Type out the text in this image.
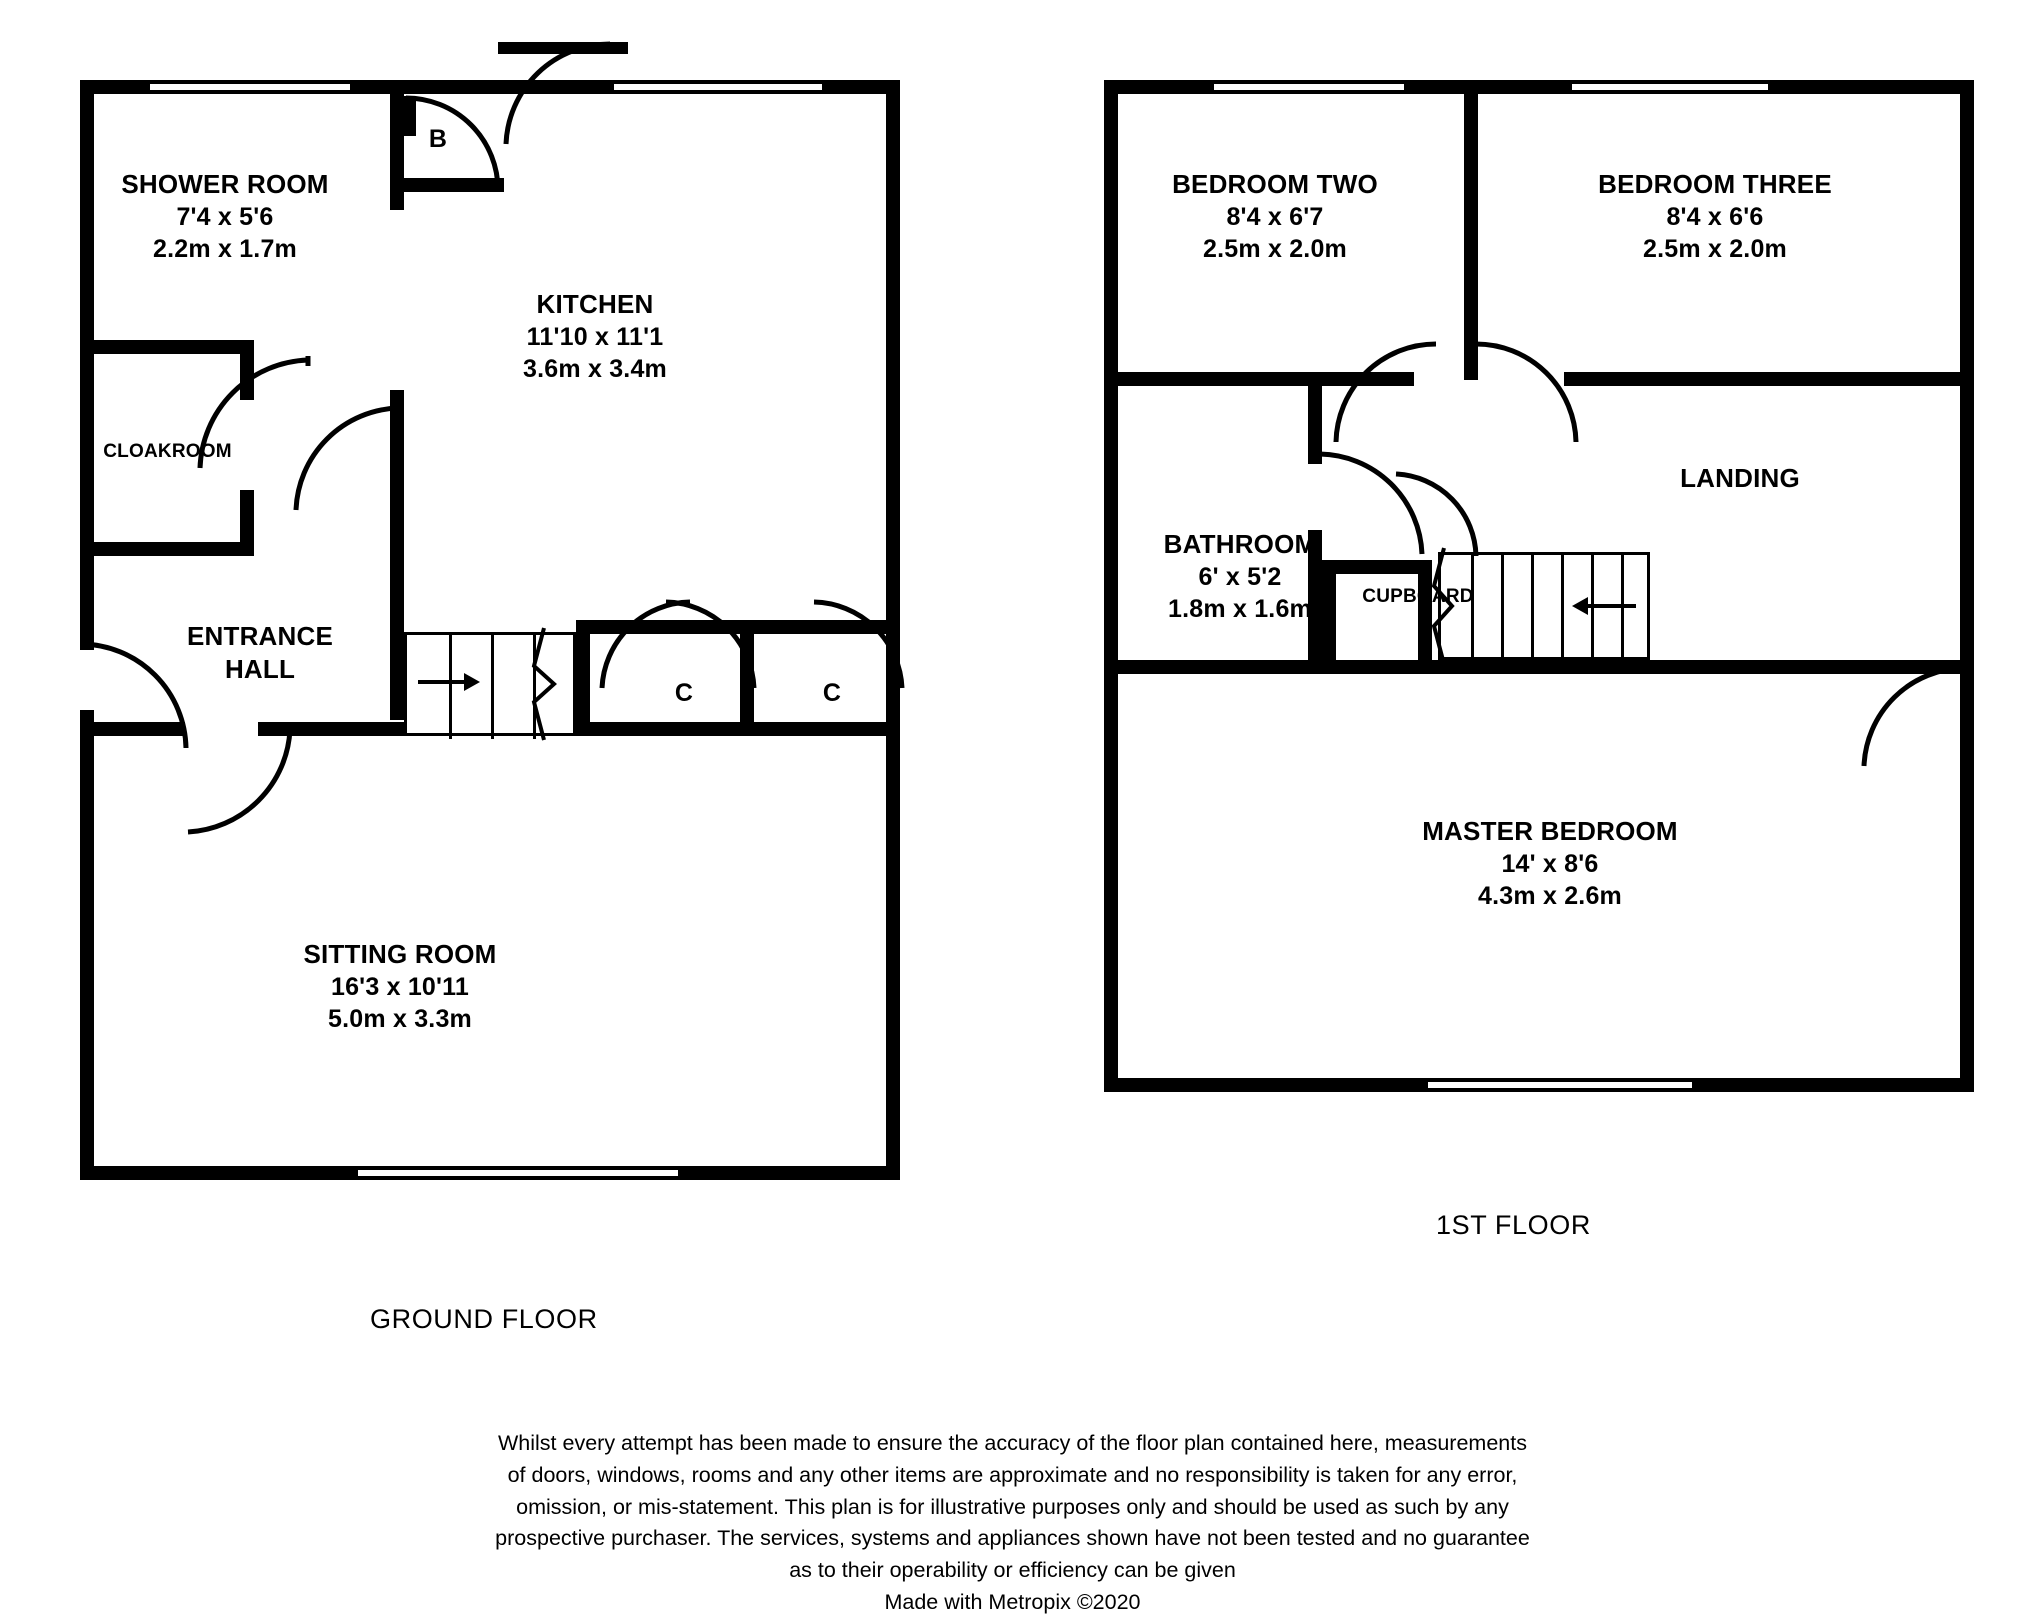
SHOWER ROOM
7'4 x 5'6
2.2m x 1.7m
KITCHEN
11'10 x 11'1
3.6m x 3.4m
CLOAKROOM
ENTRANCE
HALL
SITTING ROOM
16'3 x 10'11
5.0m x 3.3m
B
C	C
GROUND FLOOR
BEDROOM TWO
8'4 x 6'7
2.5m x 2.0m
BEDROOM THREE
8'4 x 6'6
2.5m x 2.0m
BATHROOM
6' x 5'2
1.8m x 1.6m	CUPBOARD
LANDING
MASTER BEDROOM
14' x 8'6
4.3m x 2.6m
1ST FLOOR
Whilst every attempt has been made to ensure the accuracy of the floor plan contained here, measurements
of doors, windows, rooms and any other items are approximate and no responsibility is taken for any error,
omission, or mis-statement. This plan is for illustrative purposes only and should be used as such by any
prospective purchaser. The services, systems and appliances shown have not been tested and no guarantee
as to their operability or efficiency can be given
Made with Metropix ©2020
